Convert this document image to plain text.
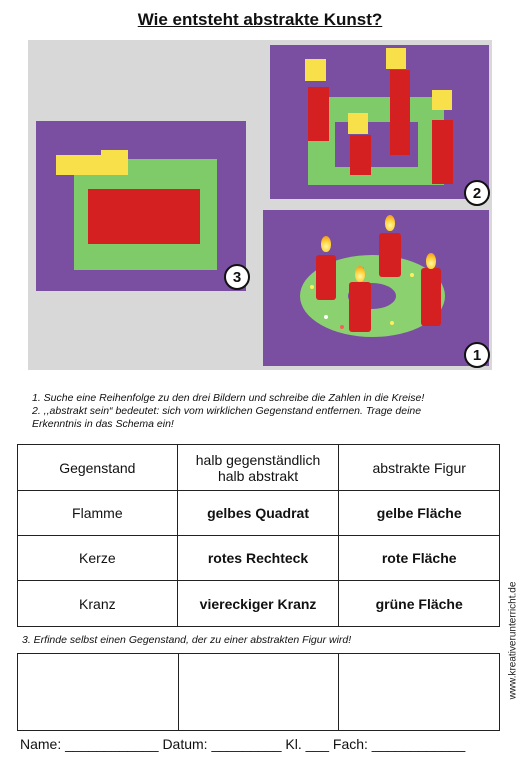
Wie entsteht abstrakte Kunst?
3
2
1
1. Suche eine Reihenfolge zu den drei Bildern und schreibe die Zahlen in die Kreise!
2. ,,abstrakt sein“ bedeutet: sich vom wirklichen Gegenstand entfernen. Trage deine
Erkenntnis in das Schema ein!
Gegenstand	halb gegenständlich halb abstrakt	abstrakte Figur
Flamme	gelbes Quadrat	gelbe Fläche
Kerze	rotes Rechteck	rote Fläche
Kranz	viereckiger Kranz	grüne Fläche
3. Erfinde selbst einen Gegenstand, der zu einer abstrakten Figur wird!
Name: ____________ Datum: _________ Kl. ___ Fach: ____________
www.kreativerunterricht.de
